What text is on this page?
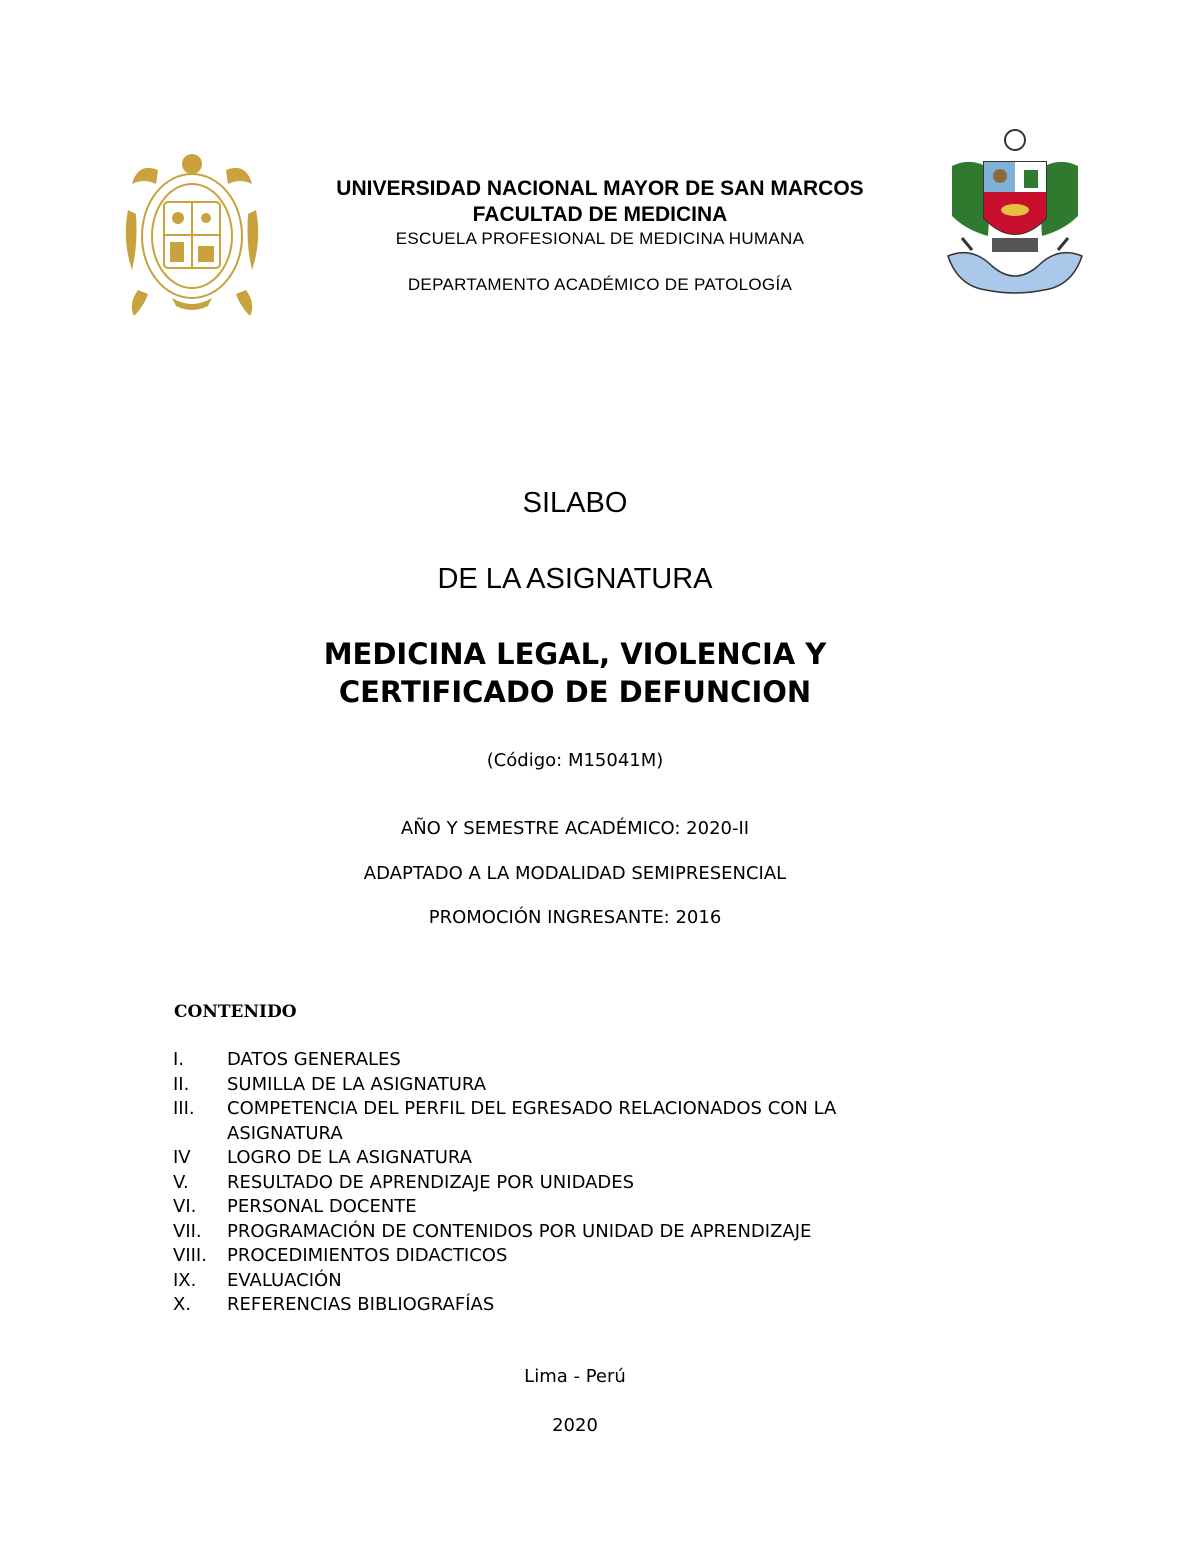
UNIVERSIDAD NACIONAL MAYOR DE SAN MARCOS
FACULTAD DE MEDICINA
ESCUELA PROFESIONAL DE MEDICINA HUMANA
DEPARTAMENTO ACADÉMICO DE PATOLOGÍA
SILABO
DE LA ASIGNATURA
MEDICINA LEGAL, VIOLENCIA Y
CERTIFICADO DE DEFUNCION
(Código: M15041M)
AÑO Y SEMESTRE ACADÉMICO: 2020-II
ADAPTADO A LA MODALIDAD SEMIPRESENCIAL
PROMOCIÓN INGRESANTE: 2016
CONTENIDO
I. DATOS GENERALES
II. SUMILLA DE LA ASIGNATURA
III. COMPETENCIA DEL PERFIL DEL EGRESADO RELACIONADOS CON LA
ASIGNATURA
IV LOGRO DE LA ASIGNATURA
V. RESULTADO DE APRENDIZAJE POR UNIDADES
VI. PERSONAL DOCENTE
VII. PROGRAMACIÓN DE CONTENIDOS POR UNIDAD DE APRENDIZAJE
VIII. PROCEDIMIENTOS DIDACTICOS
IX. EVALUACIÓN
X. REFERENCIAS BIBLIOGRAFÍAS
Lima - Perú
2020
